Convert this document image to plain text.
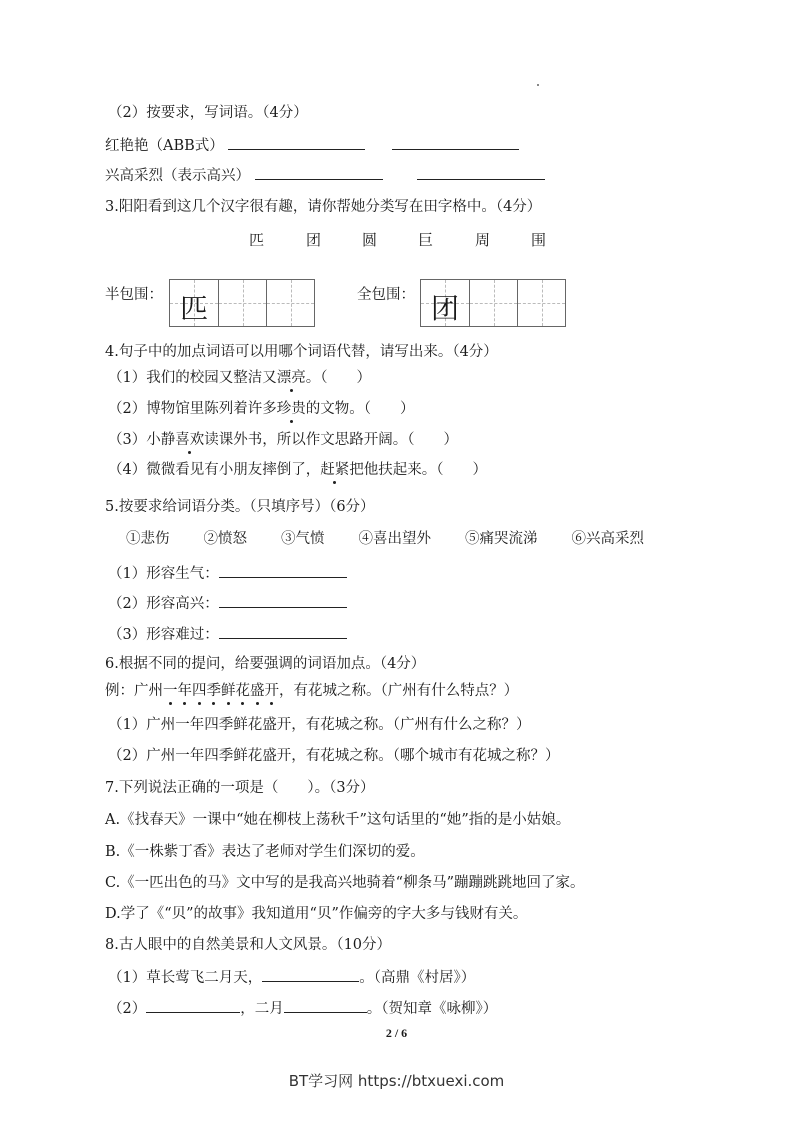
（2）按要求，写词语。（4分）
红艳艳（ABB式）
兴高采烈（表示高兴）
3.阳阳看到这几个汉字很有趣，请你帮她分类写在田字格中。（4分）
匹	团	圆	巨	周	围
半包围： 匹	全包围： 团
4.句子中的加点词语可以用哪个词语代替，请写出来。（4分）
（1）我们的校园又整洁又漂亮。（　　）
（2）博物馆里陈列着许多珍贵的文物。（　　）
（3）小静喜欢读课外书，所以作文思路开阔。（　　）
（4）微微看见有小朋友摔倒了，赶紧把他扶起来。（　　）
5.按要求给词语分类。（只填序号）（6分）
①悲伤 ②愤怒 ③气愤 ④喜出望外 ⑤痛哭流涕 ⑥兴高采烈
（1）形容生气：
（2）形容高兴：
（3）形容难过：
6.根据不同的提问，给要强调的词语加点。（4分）
例：广州一年四季鲜花盛开，有花城之称。（广州有什么特点？）
（1）广州一年四季鲜花盛开，有花城之称。（广州有什么之称？）
（2）广州一年四季鲜花盛开，有花城之称。（哪个城市有花城之称？）
7.下列说法正确的一项是（　　）。（3分）
A.《找春天》一课中“她在柳枝上荡秋千”这句话里的“她”指的是小姑娘。
B.《一株紫丁香》表达了老师对学生们深切的爱。
C.《一匹出色的马》文中写的是我高兴地骑着“柳条马”蹦蹦跳跳地回了家。
D.学了《“贝”的故事》我知道用“贝”作偏旁的字大多与钱财有关。
8.古人眼中的自然美景和人文风景。（10分）
（1）草长莺飞二月天，	。（高鼎《村居》）
（2）	，二月	。（贺知章《咏柳》）
2 / 6
BT学习网 https://btxuexi.com
